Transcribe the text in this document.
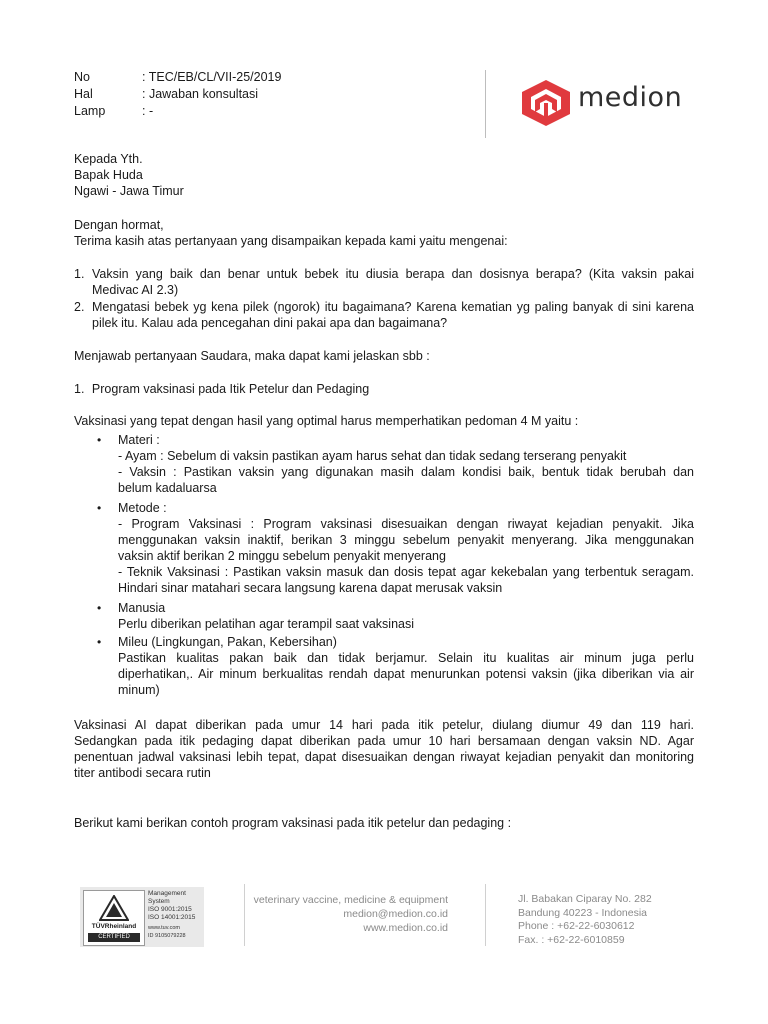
No	: TEC/EB/CL/VII-25/2019
Hal	: Jawaban konsultasi
Lamp	: -	medion
Kepada Yth.
Bapak Huda
Ngawi - Jawa Timur
Dengan hormat,
Terima kasih atas pertanyaan yang disampaikan kepada kami yaitu mengenai:
1. Vaksin yang baik dan benar untuk bebek itu diusia berapa dan dosisnya berapa? (Kita vaksin pakai
Medivac AI 2.3)
2. Mengatasi bebek yg kena pilek (ngorok) itu bagaimana? Karena kematian yg paling banyak di sini karena
pilek itu. Kalau ada pencegahan dini pakai apa dan bagaimana?
Menjawab pertanyaan Saudara, maka dapat kami jelaskan sbb :
1. Program vaksinasi pada Itik Petelur dan Pedaging
Vaksinasi yang tepat dengan hasil yang optimal harus memperhatikan pedoman 4 M yaitu :
• Materi :
- Ayam : Sebelum di vaksin pastikan ayam harus sehat dan tidak sedang terserang penyakit
- Vaksin : Pastikan vaksin yang digunakan masih dalam kondisi baik, bentuk tidak berubah dan
belum kadaluarsa
• Metode :
- Program Vaksinasi : Program vaksinasi disesuaikan dengan riwayat kejadian penyakit. Jika
menggunakan vaksin inaktif, berikan 3 minggu sebelum penyakit menyerang. Jika menggunakan
vaksin aktif berikan 2 minggu sebelum penyakit menyerang
- Teknik Vaksinasi : Pastikan vaksin masuk dan dosis tepat agar kekebalan yang terbentuk seragam.
Hindari sinar matahari secara langsung karena dapat merusak vaksin
• Manusia
Perlu diberikan pelatihan agar terampil saat vaksinasi
• Mileu (Lingkungan, Pakan, Kebersihan)
Pastikan kualitas pakan baik dan tidak berjamur. Selain itu kualitas air minum juga perlu
diperhatikan,. Air minum berkualitas rendah dapat menurunkan potensi vaksin (jika diberikan via air
minum)
Vaksinasi AI dapat diberikan pada umur 14 hari pada itik petelur, diulang diumur 49 dan 119 hari.
Sedangkan pada itik pedaging dapat diberikan pada umur 10 hari bersamaan dengan vaksin ND. Agar
penentuan jadwal vaksinasi lebih tepat, dapat disesuaikan dengan riwayat kejadian penyakit dan monitoring
titer antibodi secara rutin
Berikut kami berikan contoh program vaksinasi pada itik petelur dan pedaging :
TÜVRheinland
CERTIFIED
Management
System
ISO 9001:2015
ISO 14001:2015
www.tuv.com
ID 9105079228
veterinary vaccine, medicine & equipment
medion@medion.co.id
www.medion.co.id
Jl. Babakan Ciparay No. 282
Bandung 40223 - Indonesia
Phone : +62-22-6030612
Fax. : +62-22-6010859
